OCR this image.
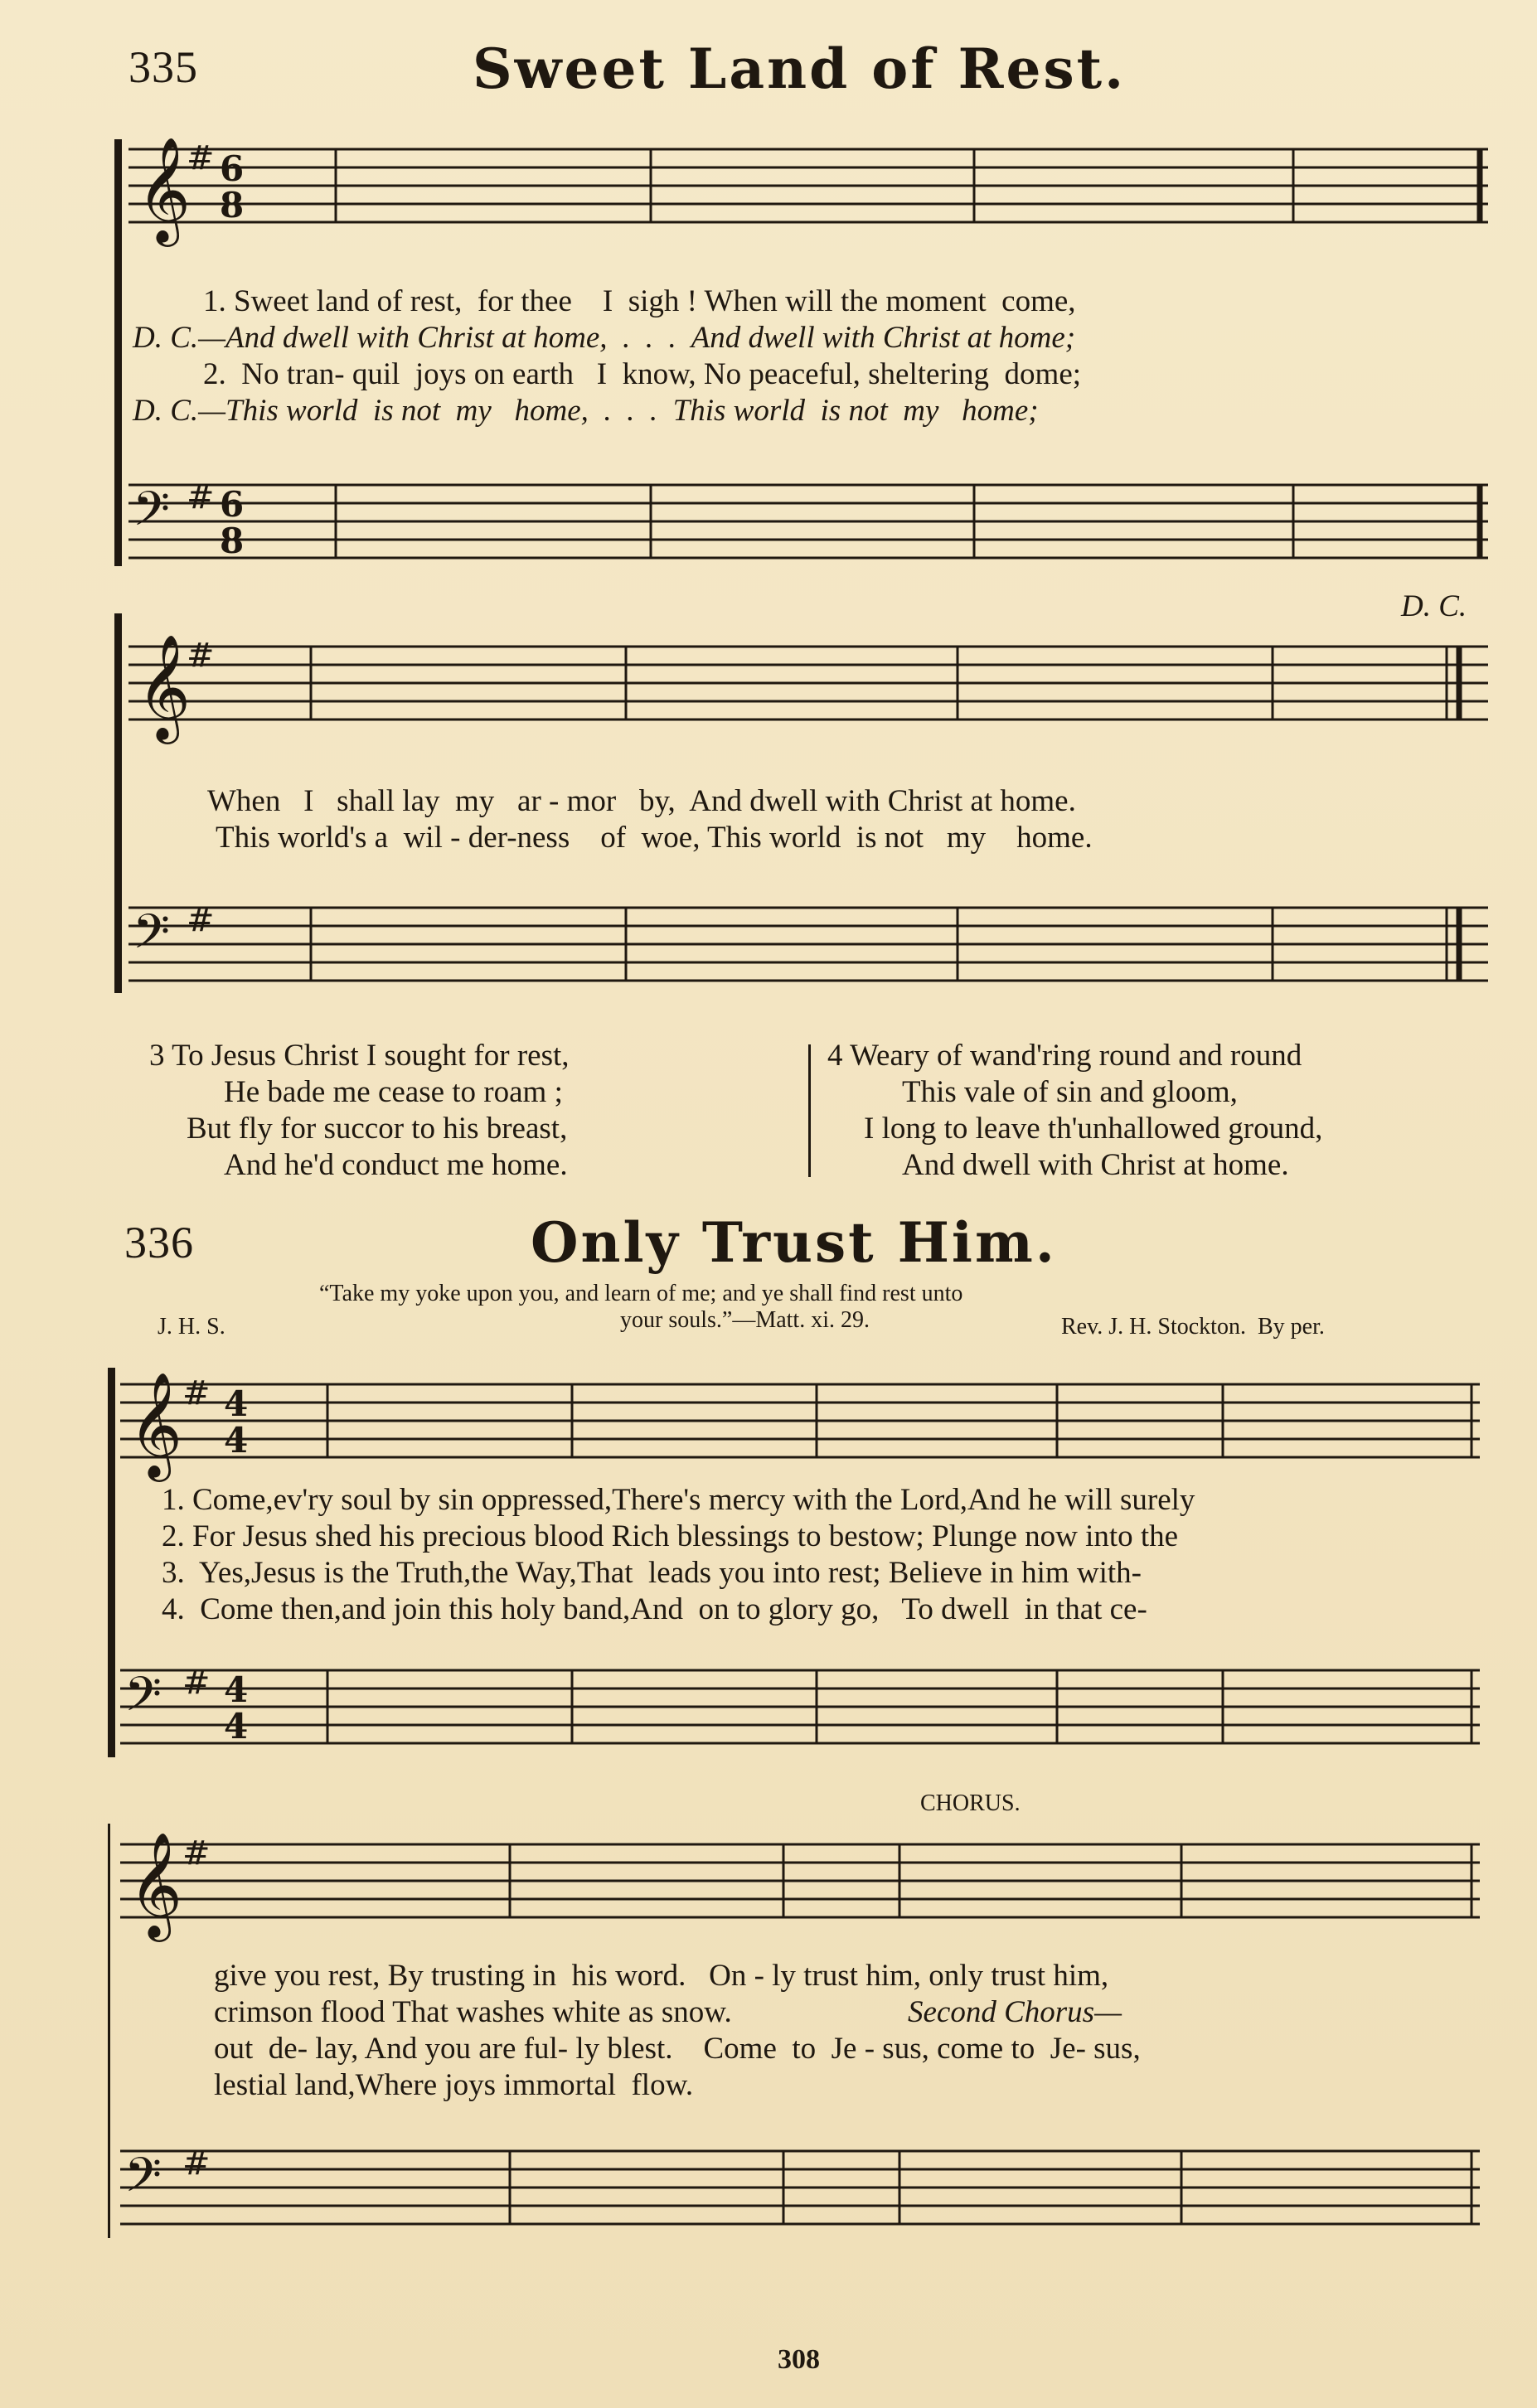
335	Sweet Land of Rest.
𝄞
# 6
8
𝄢 # 6
8
1. Sweet land of rest,  for thee    I  sigh ! When will the moment  come,
D. C.—And dwell with Christ at home,  .  .  .  And dwell with Christ at home;
2.  No tran- quil  joys on earth   I  know, No peaceful, sheltering  dome;
D. C.—This world  is not  my   home,  .  .  .  This world  is not  my   home;
D. C.
𝄞
#
When   I   shall lay  my   ar - mor   by,  And dwell with Christ at home.
This world's a  wil - der-ness    of  woe, This world  is not   my    home.
𝄢 #
3 To Jesus Christ I sought for rest,
He bade me cease to roam ;
But fly for succor to his breast,
And he'd conduct me home.
4 Weary of wand'ring round and round
This vale of sin and gloom,
I long to leave th'unhallowed ground,
And dwell with Christ at home.
336	Only Trust Him.
“Take my yoke upon you, and learn of me; and ye shall find rest unto
your souls.”—Matt. xi. 29.
J. H. S.	Rev. J. H. Stockton.  By per.
𝄞 # 4
4
1. Come,ev'ry soul by sin oppressed,There's mercy with the Lord,And he will surely
2. For Jesus shed his precious blood Rich blessings to bestow; Plunge now into the
3.  Yes,Jesus is the Truth,the Way,That  leads you into rest; Believe in him with-
4.  Come then,and join this holy band,And  on to glory go,   To dwell  in that ce-
𝄢 # 4
4
CHORUS.
𝄞 #
give you rest, By trusting in  his word.   On - ly trust him, only trust him,
crimson flood That washes white as snow.	Second Chorus—
out  de- lay, And you are ful- ly blest.    Come  to  Je - sus, come to  Je- sus,
lestial land,Where joys immortal  flow.
𝄢 #
308
